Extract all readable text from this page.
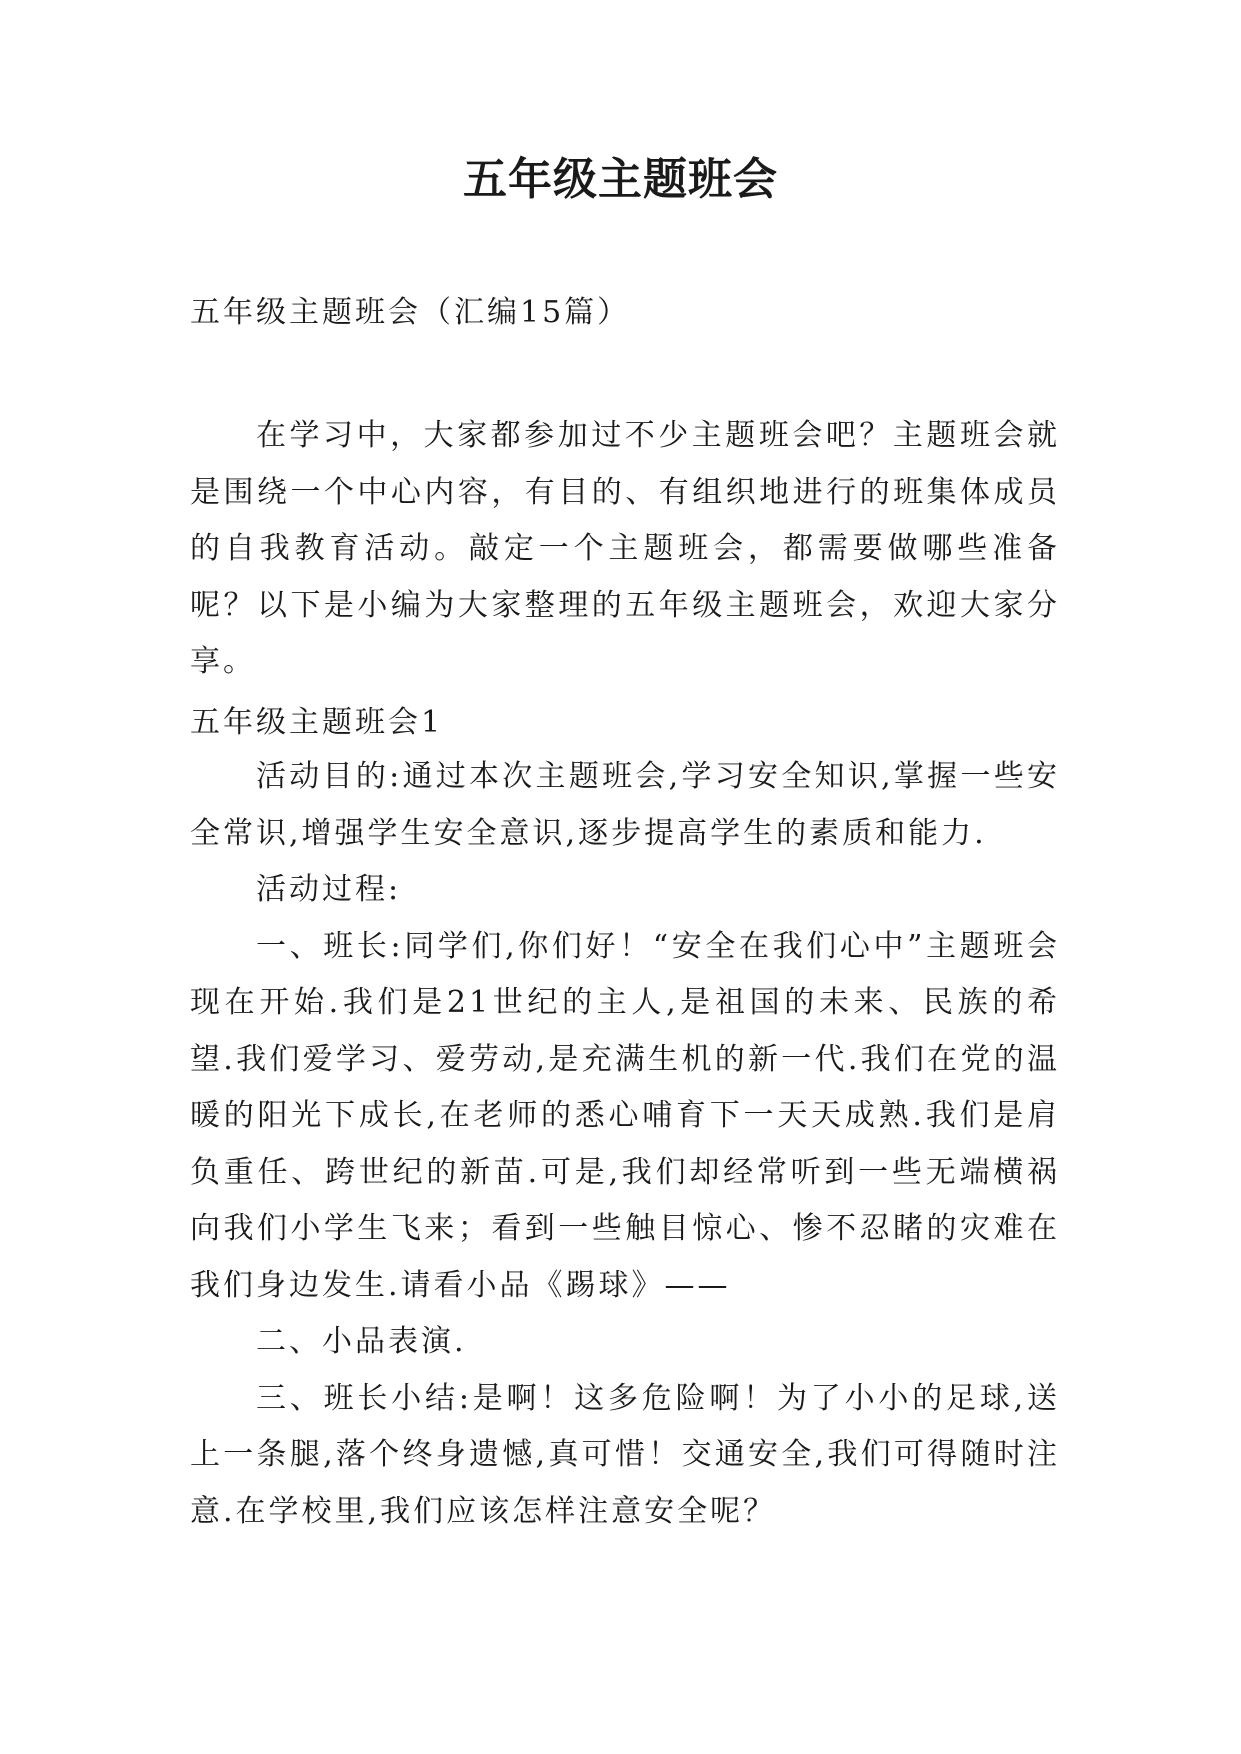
五年级主题班会
五年级主题班会（汇编15篇）

在学习中，大家都参加过不少主题班会吧？主题班会就是围绕一个中心内容，有目的、有组织地进行的班集体成员的自我教育活动。敲定一个主题班会，都需要做哪些准备呢？以下是小编为大家整理的五年级主题班会，欢迎大家分享。

五年级主题班会1

活动目的:通过本次主题班会,学习安全知识,掌握一些安全常识,增强学生安全意识,逐步提高学生的素质和能力.

活动过程:

一、班长:同学们,你们好！“安全在我们心中”主题班会现在开始.我们是21世纪的主人,是祖国的未来、民族的希望.我们爱学习、爱劳动,是充满生机的新一代.我们在党的温暖的阳光下成长,在老师的悉心哺育下一天天成熟.我们是肩负重任、跨世纪的新苗.可是,我们却经常听到一些无端横祸向我们小学生飞来；看到一些触目惊心、惨不忍睹的灾难在我们身边发生.请看小品《踢球》——

二、小品表演.

三、班长小结:是啊！这多危险啊！为了小小的足球,送上一条腿,落个终身遗憾,真可惜！交通安全,我们可得随时注意.在学校里,我们应该怎样注意安全呢？
